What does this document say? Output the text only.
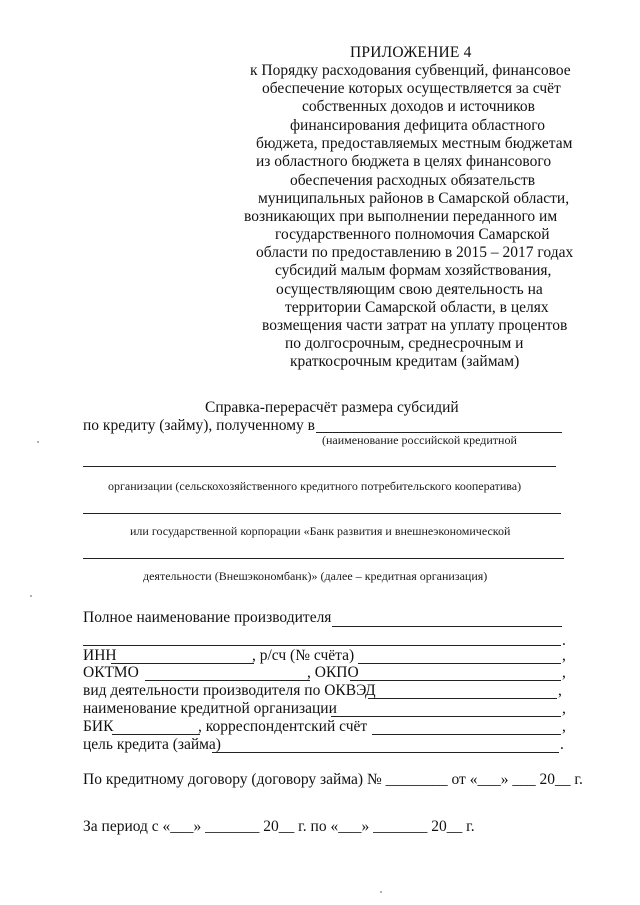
ПРИЛОЖЕНИЕ 4
к Порядку расходования субвенций, финансовое
обеспечение которых осуществляется за счёт
собственных доходов и источников
финансирования дефицита областного
бюджета, предоставляемых местным бюджетам
из областного бюджета в целях финансового
обеспечения расходных обязательств
муниципальных районов в Самарской области,
возникающих при выполнении переданного им
государственного полномочия Самарской
области по предоставлению в 2015 – 2017 годах
субсидий малым формам хозяйствования,
осуществляющим свою деятельность на
территории Самарской области, в целях
возмещения части затрат на уплату процентов
по долгосрочным, среднесрочным и
краткосрочным кредитам (займам)
Справка-перерасчёт размера субсидий
по кредиту (займу), полученному в
(наименование российской кредитной
организации (сельскохозяйственного кредитного потребительского кооператива)
или государственной корпорации «Банк развития и внешнеэкономической
деятельности (Внешэкономбанк)» (далее – кредитная организация)
Полное наименование производителя
.
ИНН	, р/сч (№ счёта)	,
ОКТМО	, ОКПО	,
вид деятельности производителя по ОКВЭД	,
наименование кредитной организации	,
БИК	, корреспондентский счёт	,
цель кредита (займа)	.
По кредитному договору (договору займа) № ________ от «___» ___ 20__ г.
За период с «___» _______ 20__ г. по «___» _______ 20__ г.
